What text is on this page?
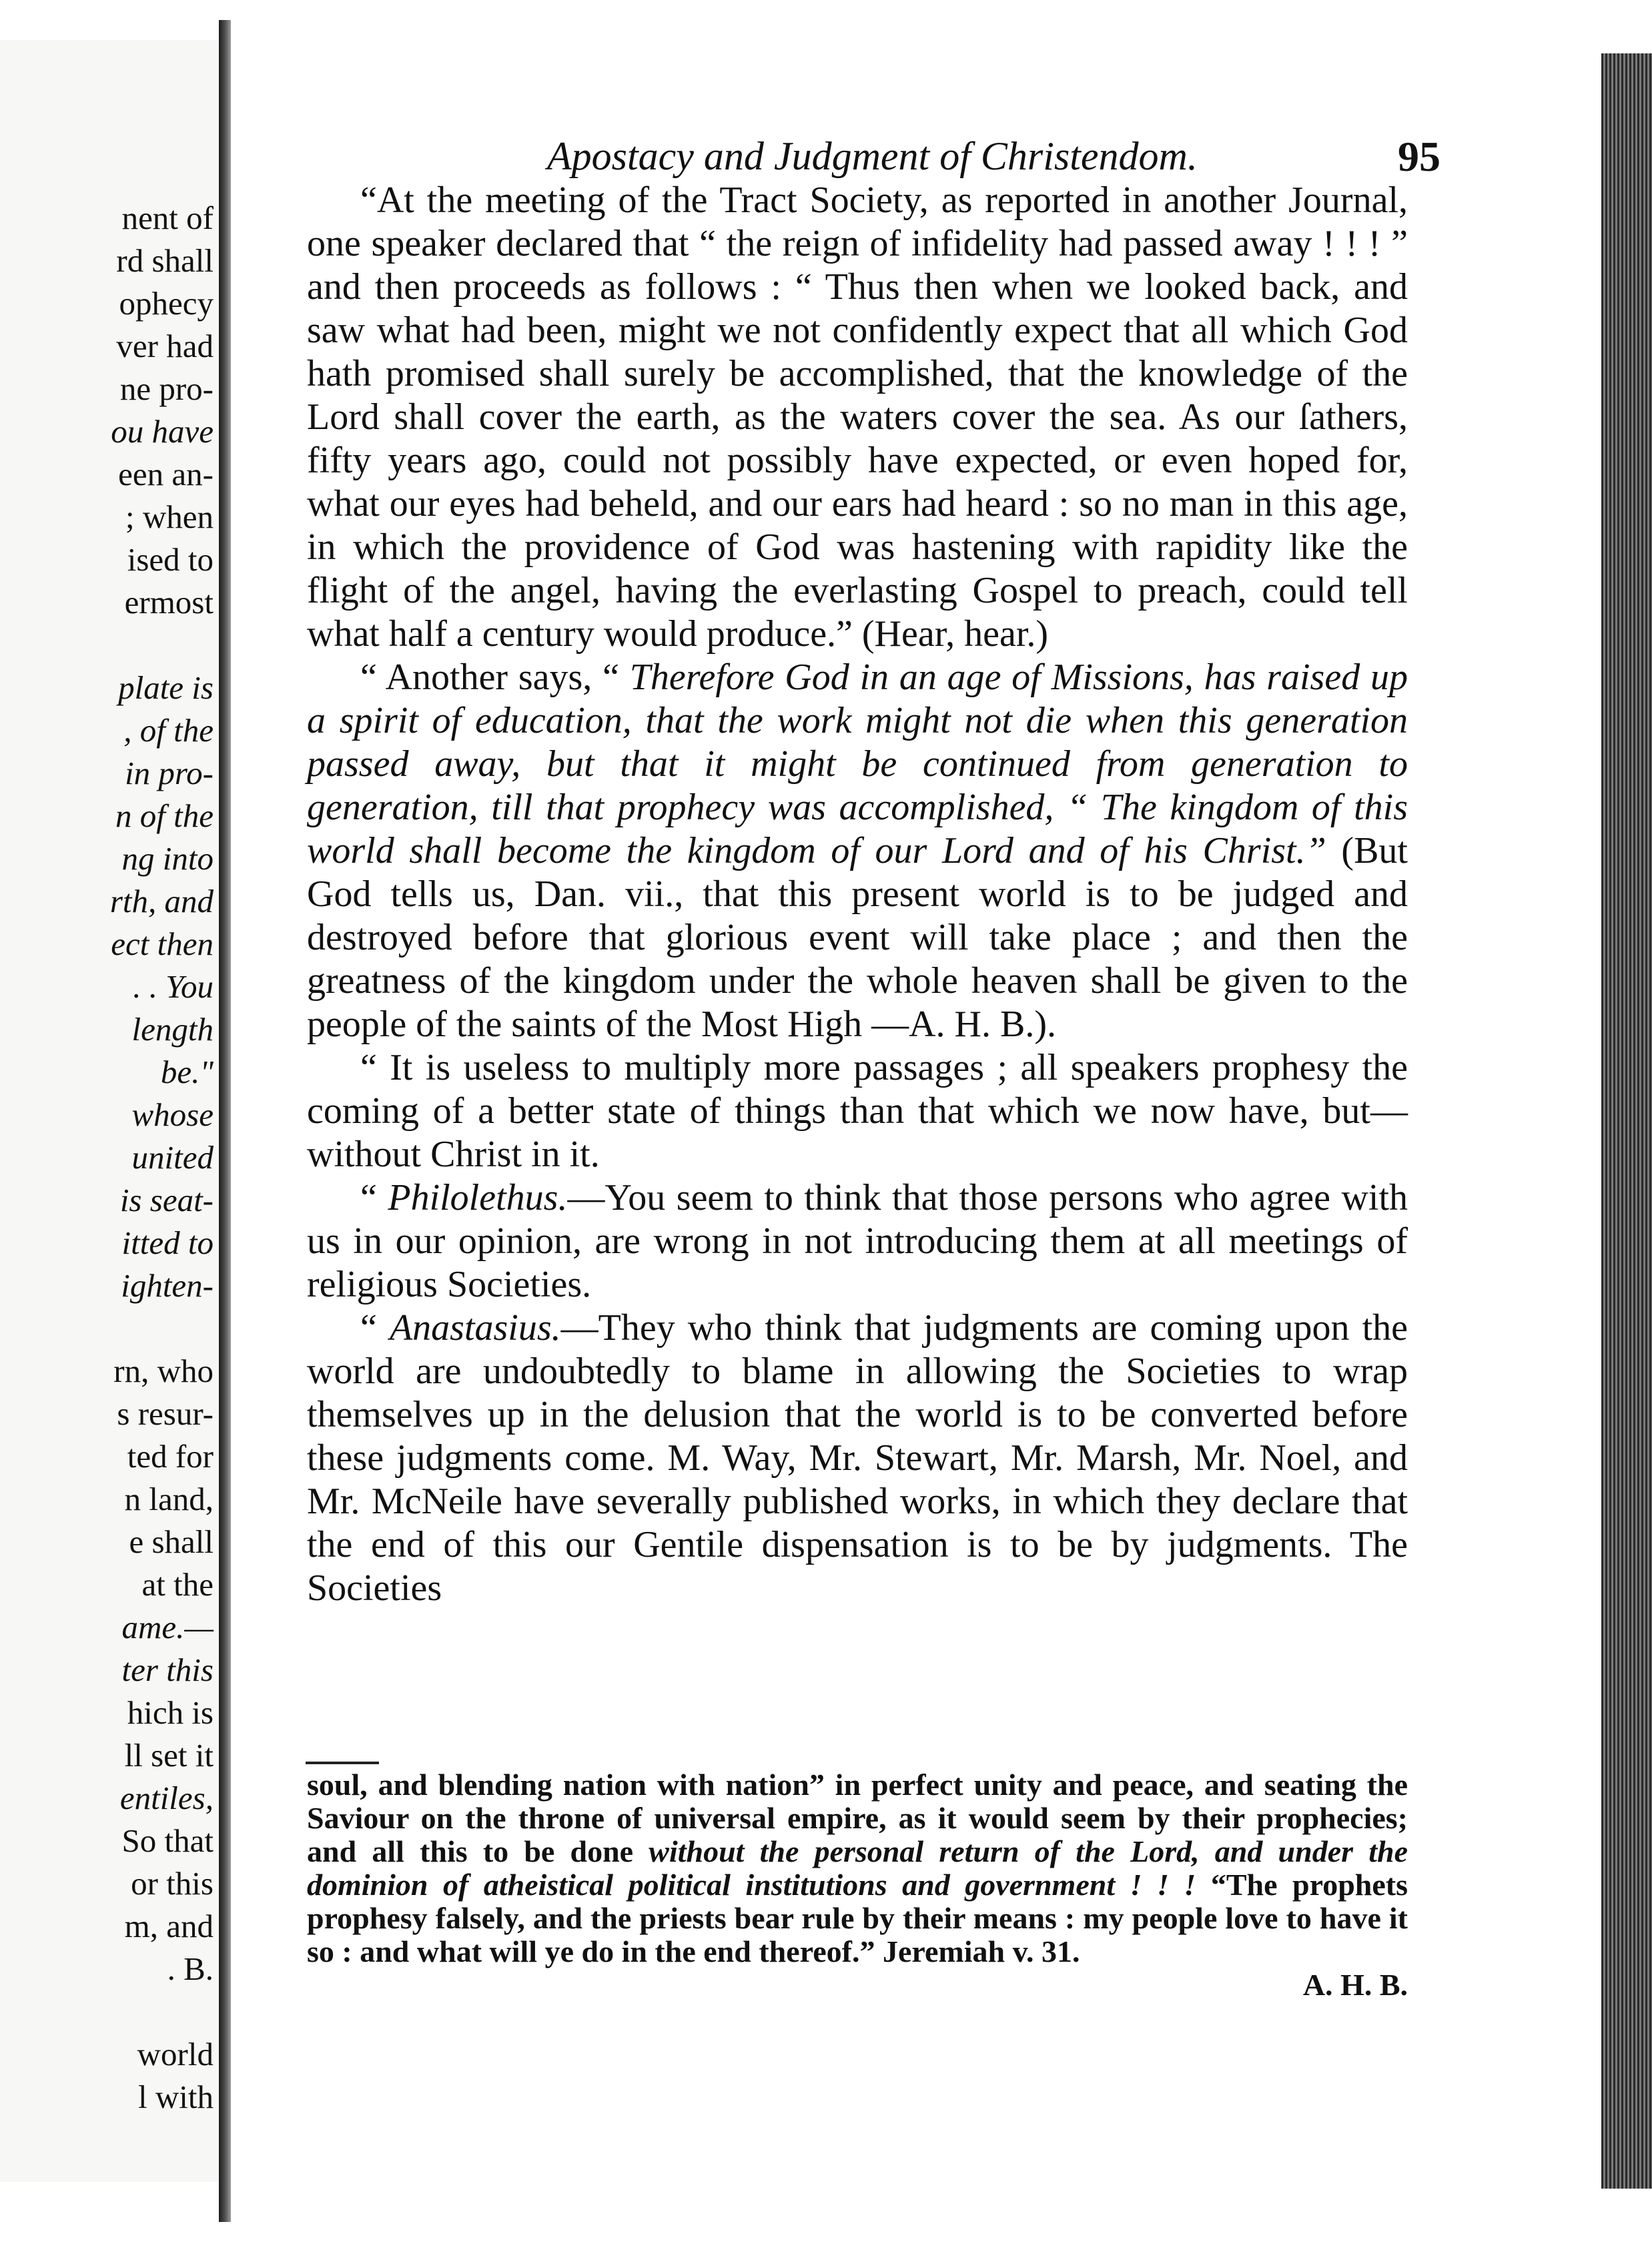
nent of
rd shall
ophecy
ver had
ne pro-
ou have
een an-
; when
ised to
ermost
plate is
, of the
in pro-
n of the
ng into
rth, and
ect then
. . You
length
be."
whose
united
is seat-
itted to
ighten-
rn, who
s resur-
ted for
n land,
e shall
at the
ame.—
ter this
hich is
ll set it
entiles,
So that
or this
m, and
. B.
world
l with
Apostacy and Judgment of Christendom.	95

“At the meeting of the Tract Society, as reported in another Journal, one speaker declared that “ the reign of infidelity had passed away ! ! ! ” and then proceeds as follows : “ Thus then when we looked back, and saw what had been, might we not confidently expect that all which God hath promised shall surely be accomplished, that the knowledge of the Lord shall cover the earth, as the waters cover the sea. As our ſathers, fifty years ago, could not possibly have expected, or even hoped for, what our eyes had beheld, and our ears had heard : so no man in this age, in which the providence of God was hastening with rapidity like the flight of the angel, having the everlasting Gospel to preach, could tell what half a century would produce.” (Hear, hear.)

“ Another says, “ Therefore God in an age of Missions, has raised up a spirit of education, that the work might not die when this generation passed away, but that it might be continued from generation to generation, till that prophecy was accomplished, “ The kingdom of this world shall become the kingdom of our Lord and of his Christ.” (But God tells us, Dan. vii., that this present world is to be judged and destroyed before that glorious event will take place ; and then the greatness of the kingdom under the whole heaven shall be given to the people of the saints of the Most High —A. H. B.).

“ It is useless to multiply more passages ; all speakers prophesy the coming of a better state of things than that which we now have, but—without Christ in it.

“ Philolethus.—You seem to think that those persons who agree with us in our opinion, are wrong in not introducing them at all meetings of religious Societies.

“ Anastasius.—They who think that judgments are coming upon the world are undoubtedly to blame in allowing the Societies to wrap themselves up in the delusion that the world is to be converted before these judgments come. M. Way, Mr. Stewart, Mr. Marsh, Mr. Noel, and Mr. McNeile have severally published works, in which they declare that the end of this our Gentile dispensation is to be by judgments. The Societies

soul, and blending nation with nation” in perfect unity and peace, and seating the Saviour on the throne of universal empire, as it would seem by their prophecies; and all this to be done without the personal return of the Lord, and under the dominion of atheistical political institutions and government ! ! ! “The prophets prophesy falsely, and the priests bear rule by their means : my people love to have it so : and what will ye do in the end thereof.” Jeremiah v. 31.
A. H. B.
